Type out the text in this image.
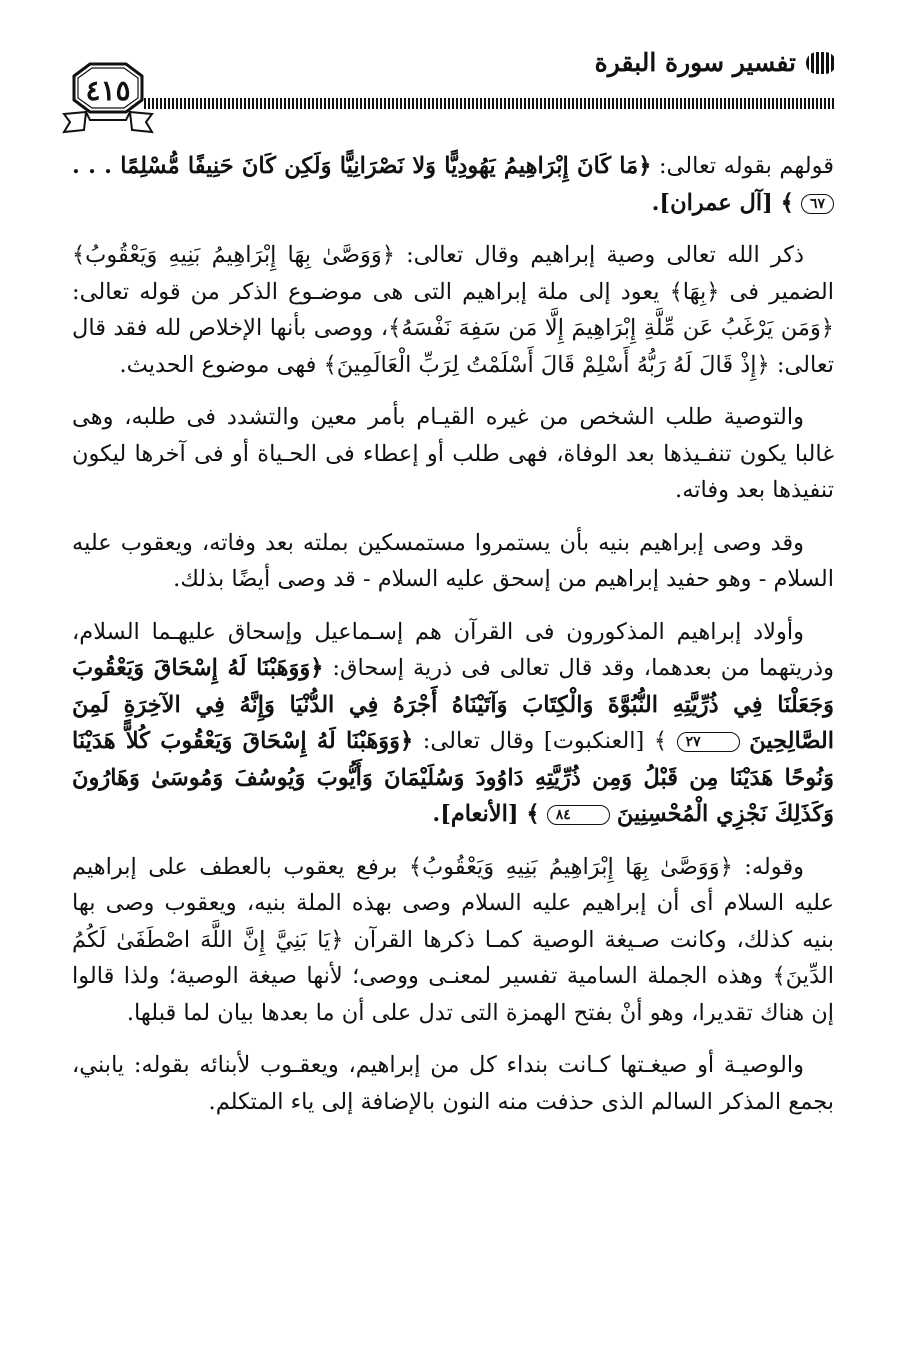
تفسير سورة البقرة
٤١٥

قولهم بقوله تعالى: ﴿مَا كَانَ إِبْرَاهِيمُ يَهُودِيًّا وَلا نَصْرَانِيًّا وَلَكِن كَانَ حَنِيفًا مُّسْلِمًا . . . ٦٧ ﴾ [آل عمران].

ذكر الله تعالى وصية إبراهيم وقال تعالى: ﴿وَوَصَّىٰ بِهَا إِبْرَاهِيمُ بَنِيهِ وَيَعْقُوبُ﴾ الضمير فى ﴿بِهَا﴾ يعود إلى ملة إبراهيم التى هى موضـوع الذكر من قوله تعالى: ﴿وَمَن يَرْغَبُ عَن مِّلَّةِ إِبْرَاهِيمَ إِلَّا مَن سَفِهَ نَفْسَهُ﴾، ووصى بأنها الإخلاص لله فقد قال تعالى: ﴿إِذْ قَالَ لَهُ رَبُّهُ أَسْلِمْ قَالَ أَسْلَمْتُ لِرَبِّ الْعَالَمِينَ﴾ فهى موضوع الحديث.

والتوصية طلب الشخص من غيره القيـام بأمر معين والتشدد فى طلبه، وهى غالبا يكون تنفـيذها بعد الوفاة، فهى طلب أو إعطاء فى الحـياة أو فى آخرها ليكون تنفيذها بعد وفاته.

وقد وصى إبراهيم بنيه بأن يستمروا مستمسكين بملته بعد وفاته، ويعقوب عليه السلام - وهو حفيد إبراهيم من إسحق عليه السلام - قد وصى أيضًا بذلك.

وأولاد إبراهيم المذكورون فى القرآن هم إسـماعيل وإسحاق عليهـما السلام، وذريتهما من بعدهما، وقد قال تعالى فى ذرية إسحاق: ﴿وَوَهَبْنَا لَهُ إِسْحَاقَ وَيَعْقُوبَ وَجَعَلْنَا فِي ذُرِّيَّتِهِ النُّبُوَّةَ وَالْكِتَابَ وَآتَيْنَاهُ أَجْرَهُ فِي الدُّنْيَا وَإِنَّهُ فِي الآخِرَةِ لَمِنَ الصَّالِحِينَ ٢٧ ﴾ [العنكبوت] وقال تعالى: ﴿وَوَهَبْنَا لَهُ إِسْحَاقَ وَيَعْقُوبَ كُلاًّ هَدَيْنَا وَنُوحًا هَدَيْنَا مِن قَبْلُ وَمِن ذُرِّيَّتِهِ دَاوُودَ وَسُلَيْمَانَ وَأَيُّوبَ وَيُوسُفَ وَمُوسَىٰ وَهَارُونَ وَكَذَلِكَ نَجْزِي الْمُحْسِنِينَ ٨٤ ﴾ [الأنعام].

وقوله: ﴿وَوَصَّىٰ بِهَا إِبْرَاهِيمُ بَنِيهِ وَيَعْقُوبُ﴾ برفع يعقوب بالعطف على إبراهيم عليه السلام أى أن إبراهيم عليه السلام وصى بهذه الملة بنيه، ويعقوب وصى بها بنيه كذلك، وكانت صـيغة الوصية كمـا ذكرها القرآن ﴿يَا بَنِيَّ إِنَّ اللَّهَ اصْطَفَىٰ لَكُمُ الدِّينَ﴾ وهذه الجملة السامية تفسير لمعنـى ووصى؛ لأنها صيغة الوصية؛ ولذا قالوا إن هناك تقديرا، وهو أنْ بفتح الهمزة التى تدل على أن ما بعدها بيان لما قبلها.

والوصيـة أو صيغـتها كـانت بنداء كل من إبراهيم، ويعقـوب لأبنائه بقوله: يابني، بجمع المذكر السالم الذى حذفت منه النون بالإضافة إلى ياء المتكلم.
